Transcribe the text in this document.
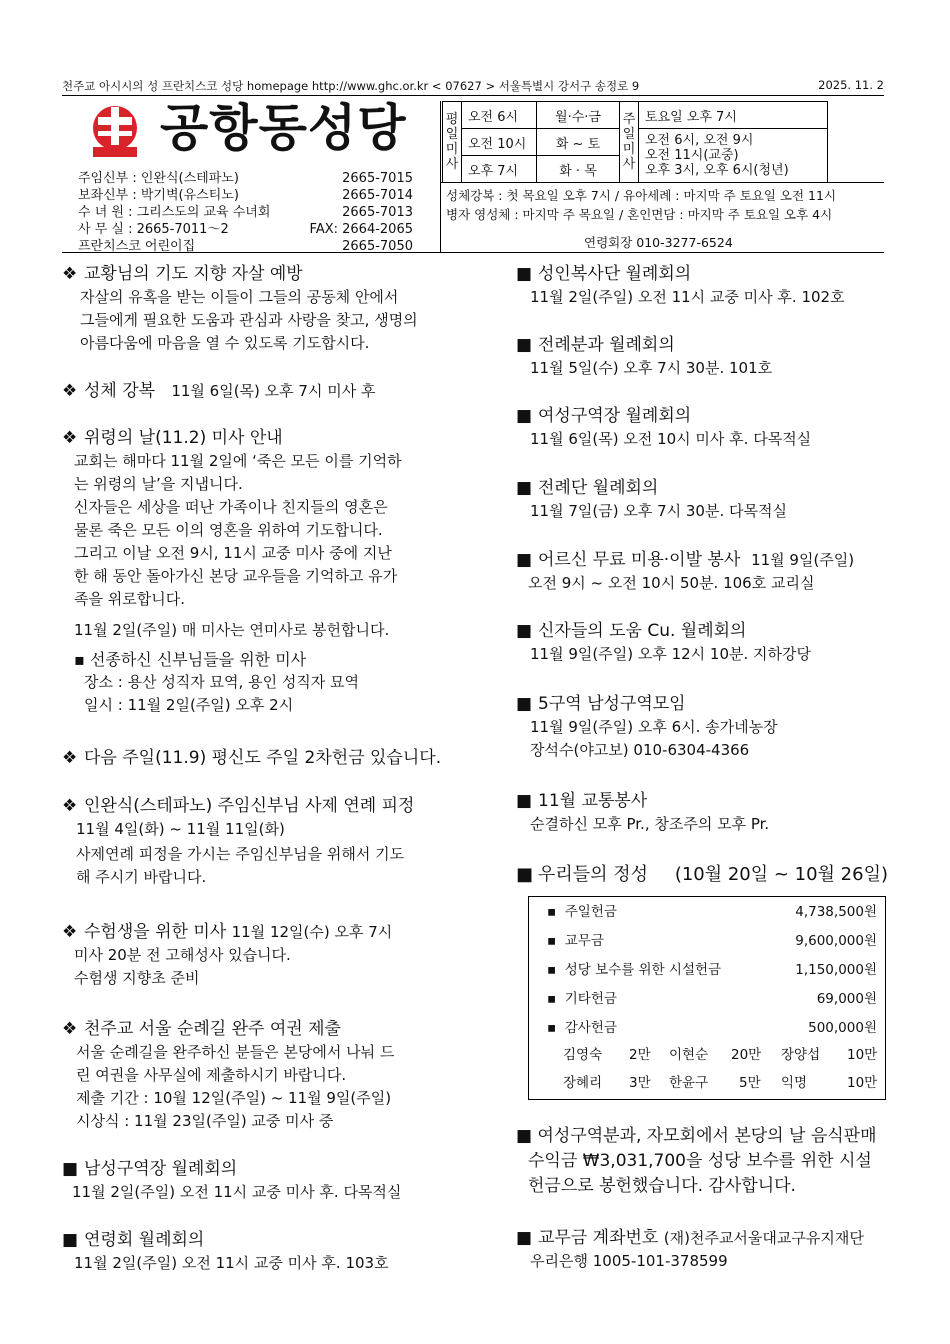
천주교 아시시의 성 프란치스코 성당 homepage http://www.ghc.or.kr < 07627 > 서울특별시 강서구 송정로 9	2025. 11. 2
공항동성당
주임신부 : 인완식(스테파노)	2665-7015
보좌신부 : 박기벽(유스티노)	2665-7014
수 녀 원 : 그리스도의 교육 수녀회	2665-7013
사 무 실 : 2665-7011～2	FAX: 2664-2065
프란치스코 어린이집	2665-7050
평일미사	오전 6시	월·수·금	주일미사	토요일 오후 7시
	오전 10시	화 ~ 토		오전 6시, 오전 9시
오전 11시(교중)
오후 3시, 오후 6시(청년)

	오후 7시	화 · 목		
성체강복 : 첫 목요일 오후 7시 / 유아세례 : 마지막 주 토요일 오전 11시
병자 영성체 : 마지막 주 목요일 / 혼인면담 : 마지막 주 토요일 오후 4시
연령회장 010-3277-6524
❖ 교황님의 기도 지향 자살 예방
자살의 유혹을 받는 이들이 그들의 공동체 안에서
그들에게 필요한 도움과 관심과 사랑을 찾고, 생명의
아름다움에 마음을 열 수 있도록 기도합시다.
❖ 성체 강복 11월 6일(목) 오후 7시 미사 후
❖ 위령의 날(11.2) 미사 안내
교회는 해마다 11월 2일에 ‘죽은 모든 이를 기억하
는 위령의 날’을 지냅니다.
신자들은 세상을 떠난 가족이나 친지들의 영혼은
물론 죽은 모든 이의 영혼을 위하여 기도합니다.
그리고 이날 오전 9시, 11시 교중 미사 중에 지난
한 해 동안 돌아가신 본당 교우들을 기억하고 유가
족을 위로합니다.
11월 2일(주일) 매 미사는 연미사로 봉헌합니다.
▪ 선종하신 신부님들을 위한 미사
장소 : 용산 성직자 묘역, 용인 성직자 묘역
일시 : 11월 2일(주일) 오후 2시
❖ 다음 주일(11.9) 평신도 주일 2차헌금 있습니다.
❖ 인완식(스테파노) 주임신부님 사제 연례 피정
11월 4일(화) ~ 11월 11일(화)
사제연례 피정을 가시는 주임신부님을 위해서 기도
해 주시기 바랍니다.
❖ 수험생을 위한 미사 11월 12일(수) 오후 7시
미사 20분 전 고해성사 있습니다.
수험생 지향초 준비
❖ 천주교 서울 순례길 완주 여권 제출
서울 순례길을 완주하신 분들은 본당에서 나눠 드
린 여권을 사무실에 제출하시기 바랍니다.
제출 기간 : 10월 12일(주일) ~ 11월 9일(주일)
시상식 : 11월 23일(주일) 교중 미사 중
■ 남성구역장 월례회의
11월 2일(주일) 오전 11시 교중 미사 후. 다목적실
■ 연령회 월례회의
11월 2일(주일) 오전 11시 교중 미사 후. 103호
■ 성인복사단 월례회의
11월 2일(주일) 오전 11시 교중 미사 후. 102호
■ 전례분과 월례회의
11월 5일(수) 오후 7시 30분. 101호
■ 여성구역장 월례회의
11월 6일(목) 오전 10시 미사 후. 다목적실
■ 전례단 월례회의
11월 7일(금) 오후 7시 30분. 다목적실
■ 어르신 무료 미용·이발 봉사 11월 9일(주일)
오전 9시 ~ 오전 10시 50분. 106호 교리실
■ 신자들의 도움 Cu. 월례회의
11월 9일(주일) 오후 12시 10분. 지하강당
■ 5구역 남성구역모임
11월 9일(주일) 오후 6시. 송가네농장
장석수(야고보) 010-6304-4366
■ 11월 교통봉사
순결하신 모후 Pr., 창조주의 모후 Pr.
■ 우리들의 정성 (10월 20일 ~ 10월 26일)
▪ 주일헌금	4,738,500원
▪ 교무금	9,600,000원
▪ 성당 보수를 위한 시설헌금	1,150,000원
▪ 기타헌금	69,000원
▪ 감사헌금	500,000원
김영숙 2만 이현순 20만 장양섭 10만
장혜리 3만 한윤구 5만 익명	10만
■ 여성구역분과, 자모회에서 본당의 날 음식판매
수익금 ₩3,031,700을 성당 보수를 위한 시설
헌금으로 봉헌했습니다. 감사합니다.
■ 교무금 계좌번호 (재)천주교서울대교구유지재단
우리은행 1005-101-378599
